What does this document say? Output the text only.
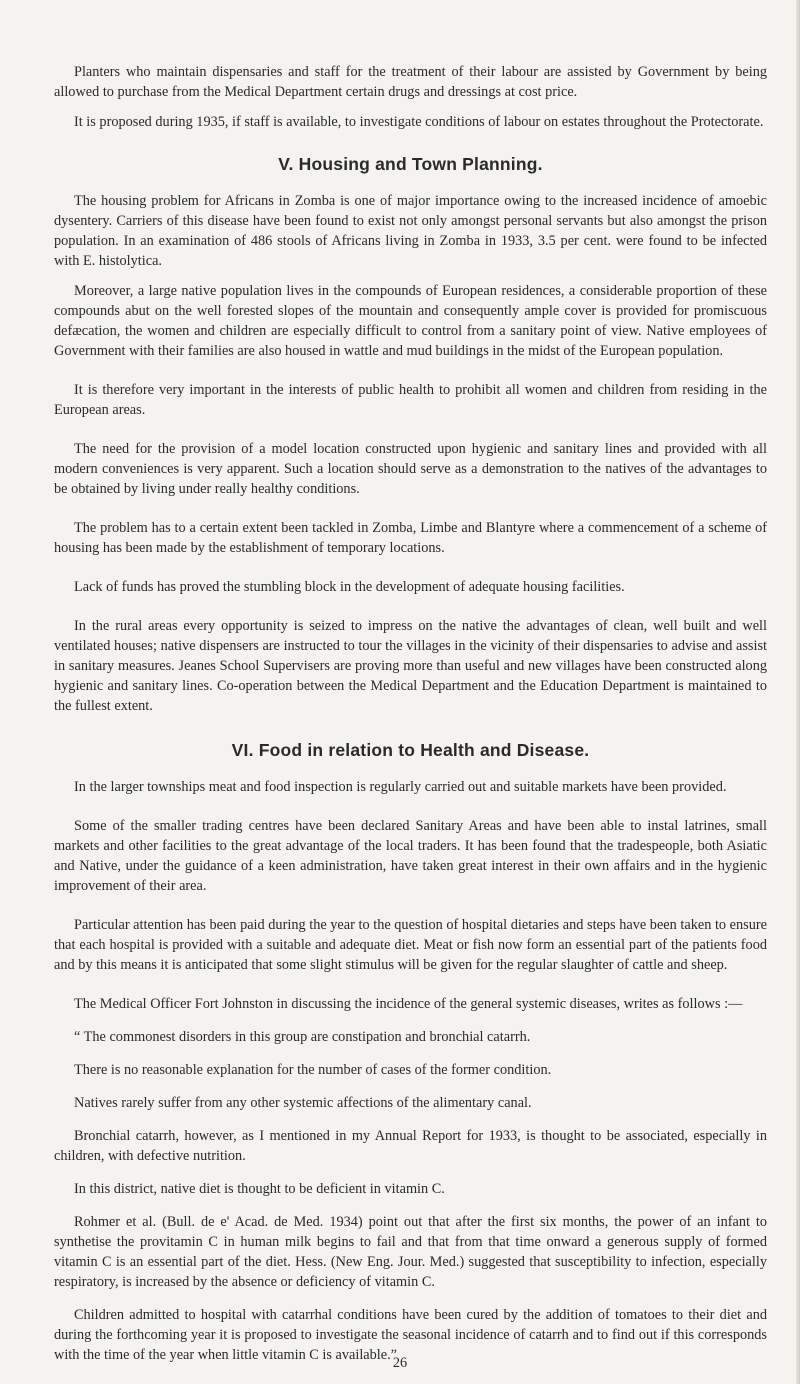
Planters who maintain dispensaries and staff for the treatment of their labour are assisted by Government by being allowed to purchase from the Medical Department certain drugs and dressings at cost price.

It is proposed during 1935, if staff is available, to investigate conditions of labour on estates throughout the Protectorate.

V. Housing and Town Planning.

The housing problem for Africans in Zomba is one of major importance owing to the increased incidence of amoebic dysentery. Carriers of this disease have been found to exist not only amongst personal servants but also amongst the prison population. In an examination of 486 stools of Africans living in Zomba in 1933, 3.5 per cent. were found to be infected with E. histolytica.

Moreover, a large native population lives in the compounds of European residences, a considerable proportion of these compounds abut on the well forested slopes of the mountain and consequently ample cover is provided for promiscuous defæcation, the women and children are especially difficult to control from a sanitary point of view. Native employees of Government with their families are also housed in wattle and mud buildings in the midst of the European population.

It is therefore very important in the interests of public health to prohibit all women and children from residing in the European areas.

The need for the provision of a model location constructed upon hygienic and sanitary lines and provided with all modern conveniences is very apparent. Such a location should serve as a demonstration to the natives of the advantages to be obtained by living under really healthy conditions.

The problem has to a certain extent been tackled in Zomba, Limbe and Blantyre where a commencement of a scheme of housing has been made by the establishment of temporary locations.

Lack of funds has proved the stumbling block in the development of adequate housing facilities.

In the rural areas every opportunity is seized to impress on the native the advantages of clean, well built and well ventilated houses; native dispensers are instructed to tour the villages in the vicinity of their dispensaries to advise and assist in sanitary measures. Jeanes School Supervisers are proving more than useful and new villages have been constructed along hygienic and sanitary lines. Co-operation between the Medical Department and the Education Department is maintained to the fullest extent.

VI. Food in relation to Health and Disease.

In the larger townships meat and food inspection is regularly carried out and suitable markets have been provided.

Some of the smaller trading centres have been declared Sanitary Areas and have been able to instal latrines, small markets and other facilities to the great advantage of the local traders. It has been found that the tradespeople, both Asiatic and Native, under the guidance of a keen administration, have taken great interest in their own affairs and in the hygienic improvement of their area.

Particular attention has been paid during the year to the question of hospital dietaries and steps have been taken to ensure that each hospital is provided with a suitable and adequate diet. Meat or fish now form an essential part of the patients food and by this means it is anticipated that some slight stimulus will be given for the regular slaughter of cattle and sheep.

The Medical Officer Fort Johnston in discussing the incidence of the general systemic diseases, writes as follows :—

“ The commonest disorders in this group are constipation and bronchial catarrh.

There is no reasonable explanation for the number of cases of the former condition.

Natives rarely suffer from any other systemic affections of the alimentary canal.

Bronchial catarrh, however, as I mentioned in my Annual Report for 1933, is thought to be associated, especially in children, with defective nutrition.

In this district, native diet is thought to be deficient in vitamin C.

Rohmer et al. (Bull. de e' Acad. de Med. 1934) point out that after the first six months, the power of an infant to synthetise the provitamin C in human milk begins to fail and that from that time onward a generous supply of formed vitamin C is an essential part of the diet. Hess. (New Eng. Jour. Med.) suggested that susceptibility to infection, especially respiratory, is increased by the absence or deficiency of vitamin C.

Children admitted to hospital with catarrhal conditions have been cured by the addition of tomatoes to their diet and during the forthcoming year it is proposed to investigate the seasonal incidence of catarrh and to find out if this corresponds with the time of the year when little vitamin C is available.”

26
